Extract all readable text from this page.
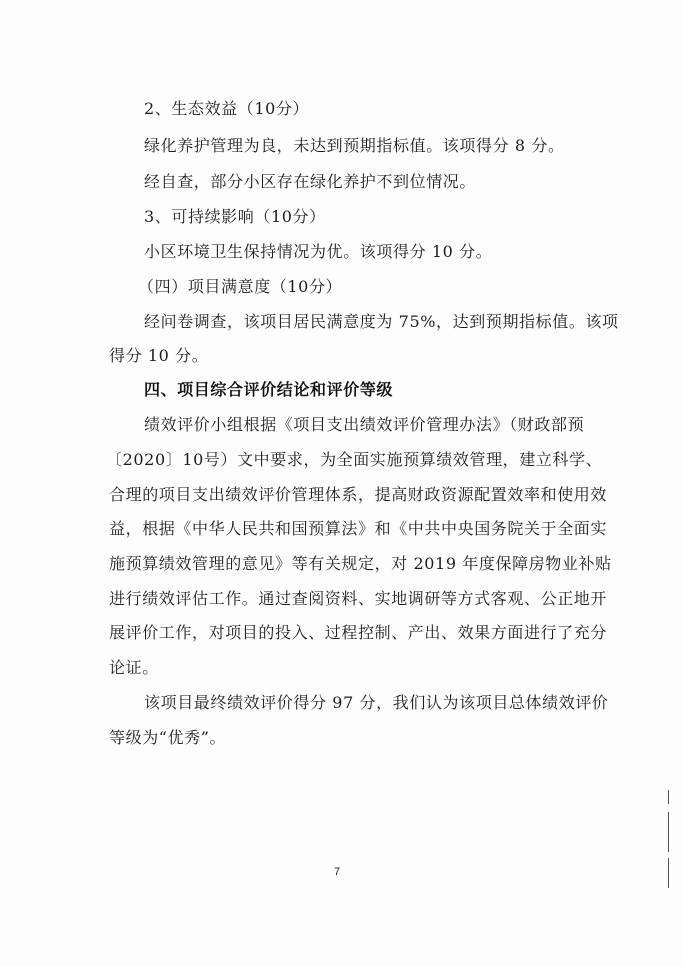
2、生态效益（10分）
绿化养护管理为良，未达到预期指标值。该项得分 8 分。
经自查，部分小区存在绿化养护不到位情况。
3、可持续影响（10分）
小区环境卫生保持情况为优。该项得分 10 分。
（四）项目满意度（10分）
经问卷调查，该项目居民满意度为 75%，达到预期指标值。该项
得分 10 分。
四、项目综合评价结论和评价等级
绩效评价小组根据《项目支出绩效评价管理办法》（财政部预
〔2020〕10号）文中要求，为全面实施预算绩效管理，建立科学、
合理的项目支出绩效评价管理体系，提高财政资源配置效率和使用效
益，根据《中华人民共和国预算法》和《中共中央国务院关于全面实
施预算绩效管理的意见》等有关规定，对 2019 年度保障房物业补贴
进行绩效评估工作。通过查阅资料、实地调研等方式客观、公正地开
展评价工作，对项目的投入、过程控制、产出、效果方面进行了充分
论证。
该项目最终绩效评价得分 97 分，我们认为该项目总体绩效评价
等级为“优秀”。
7
